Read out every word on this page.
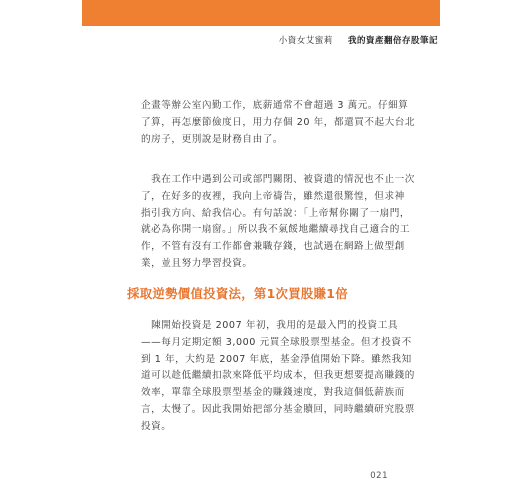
小資女艾蜜莉 我的資產翻倍存股筆記

企畫等辦公室內勤工作，底薪通常不會超過 3 萬元。仔細算
了算，再怎麼節儉度日，用力存個 20 年，都還買不起大台北
的房子，更別說是財務自由了。

　我在工作中遇到公司或部門關閉、被資遣的情況也不止一次
了，在好多的夜裡，我向上帝禱告，雖然還很驚惶，但求神
指引我方向、給我信心。有句話說：「上帝幫你關了一扇門，
就必為你開一扇窗。」所以我不氣餒地繼續尋找自己適合的工
作，不管有沒有工作都會兼職存錢，也試過在網路上做型創
業，並且努力學習投資。

採取逆勢價值投資法，第1次買股賺1倍

　陳開始投資是 2007 年初，我用的是最入門的投資工具
——每月定期定額 3,000 元買全球股票型基金。但才投資不
到 1 年，大約是 2007 年底，基金淨值開始下降。雖然我知
道可以趁低繼續扣款來降低平均成本，但我更想要提高賺錢的
效率，單靠全球股票型基金的賺錢速度，對我這個低薪族而
言，太慢了。因此我開始把部分基金贖回，同時繼續研究股票
投資。

021
